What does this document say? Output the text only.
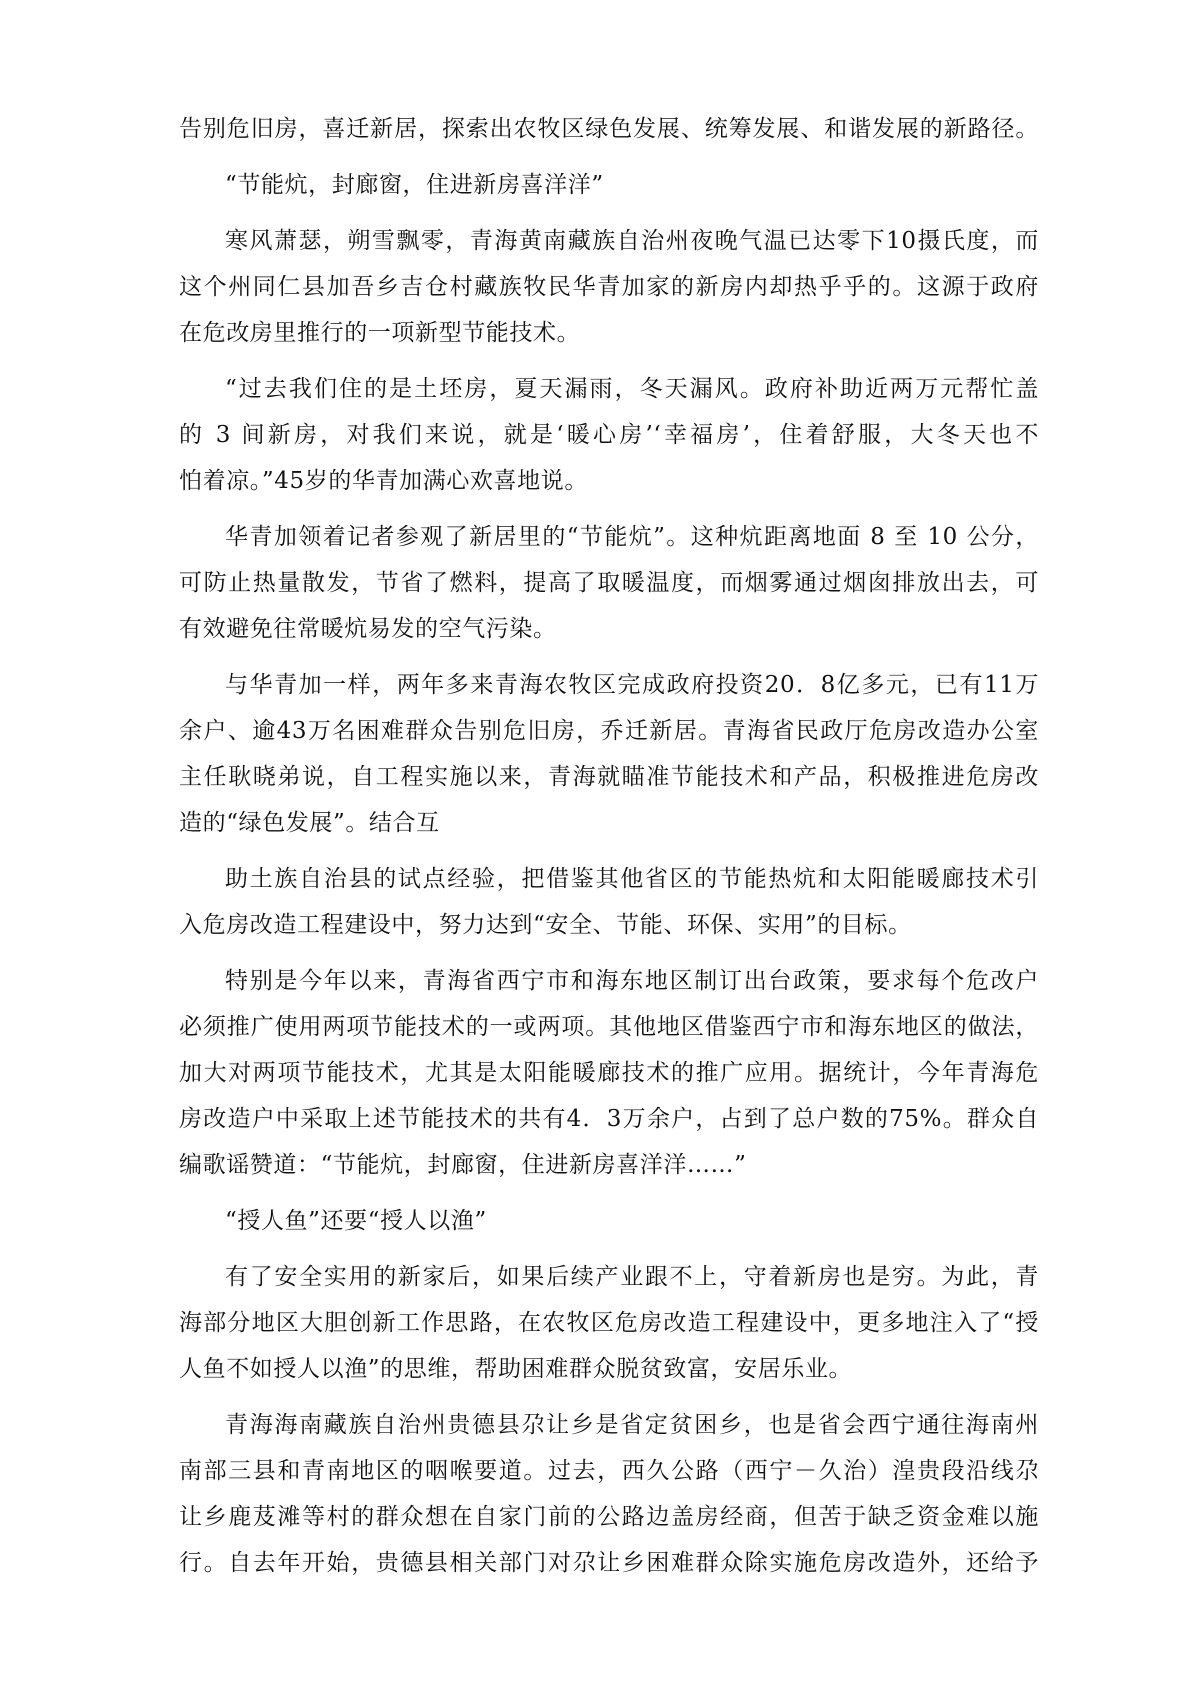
告别危旧房，喜迁新居，探索出农牧区绿色发展、统筹发展、和谐发展的新路径。
“节能炕，封廊窗，住进新房喜洋洋”
寒风萧瑟，朔雪飘零，青海黄南藏族自治州夜晚气温已达零下10摄氏度，而
这个州同仁县加吾乡吉仓村藏族牧民华青加家的新房内却热乎乎的。这源于政府
在危改房里推行的一项新型节能技术。
“过去我们住的是土坯房，夏天漏雨，冬天漏风。政府补助近两万元帮忙盖
的 3 间新房，对我们来说，就是‘暖心房’‘幸福房’，住着舒服，大冬天也不
怕着凉。”45岁的华青加满心欢喜地说。
华青加领着记者参观了新居里的“节能炕”。这种炕距离地面 8 至 10 公分，
可防止热量散发，节省了燃料，提高了取暖温度，而烟雾通过烟囱排放出去，可
有效避免往常暖炕易发的空气污染。
与华青加一样，两年多来青海农牧区完成政府投资20．8亿多元，已有11万
余户、逾43万名困难群众告别危旧房，乔迁新居。青海省民政厅危房改造办公室
主任耿晓弟说，自工程实施以来，青海就瞄准节能技术和产品，积极推进危房改
造的“绿色发展”。结合互
助土族自治县的试点经验，把借鉴其他省区的节能热炕和太阳能暖廊技术引
入危房改造工程建设中，努力达到“安全、节能、环保、实用”的目标。
特别是今年以来，青海省西宁市和海东地区制订出台政策，要求每个危改户
必须推广使用两项节能技术的一或两项。其他地区借鉴西宁市和海东地区的做法，
加大对两项节能技术，尤其是太阳能暖廊技术的推广应用。据统计，今年青海危
房改造户中采取上述节能技术的共有4．3万余户，占到了总户数的75%。群众自
编歌谣赞道：“节能炕，封廊窗，住进新房喜洋洋……”
“授人鱼”还要“授人以渔”
有了安全实用的新家后，如果后续产业跟不上，守着新房也是穷。为此，青
海部分地区大胆创新工作思路，在农牧区危房改造工程建设中，更多地注入了“授
人鱼不如授人以渔”的思维，帮助困难群众脱贫致富，安居乐业。
青海海南藏族自治州贵德县尕让乡是省定贫困乡，也是省会西宁通往海南州
南部三县和青南地区的咽喉要道。过去，西久公路（西宁－久治）湟贵段沿线尕
让乡鹿芨滩等村的群众想在自家门前的公路边盖房经商，但苦于缺乏资金难以施
行。自去年开始，贵德县相关部门对尕让乡困难群众除实施危房改造外，还给予
